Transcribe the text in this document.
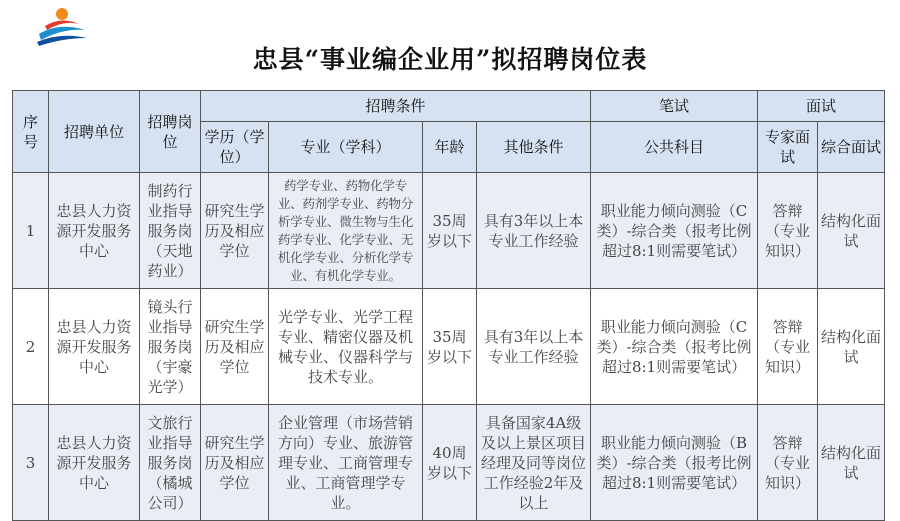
忠县“事业编企业用”拟招聘岗位表
序号	招聘单位	招聘岗位	招聘条件				笔试	面试	
			学历（学位）	专业（学科）	年龄	其他条件	公共科目	专家面试	综合面试
1	忠县人力资源开发服务中心	制药行业指导服务岗（天地药业）	研究生学历及相应学位	药学专业、药物化学专业、药剂学专业、药物分析学专业、微生物与生化药学专业、化学专业、无机化学专业、分析化学专业、有机化学专业。	35周岁以下	具有3年以上本专业工作经验	职业能力倾向测验（C类）-综合类（报考比例超过8:1则需要笔试）	答辩（专业知识）	结构化面试
2	忠县人力资源开发服务中心	镜头行业指导服务岗（宇豪光学）	研究生学历及相应学位	光学专业、光学工程专业、精密仪器及机械专业、仪器科学与技术专业。	35周岁以下	具有3年以上本专业工作经验	职业能力倾向测验（C类）-综合类（报考比例超过8:1则需要笔试）	答辩（专业知识）	结构化面试
3	忠县人力资源开发服务中心	文旅行业指导服务岗（橘城公司）	研究生学历及相应学位	企业管理（市场营销方向）专业、旅游管理专业、工商管理专业、工商管理学专业。	40周岁以下	具备国家4A级及以上景区项目经理及同等岗位工作经验2年及以上	职业能力倾向测验（B类）-综合类（报考比例超过8:1则需要笔试）	答辩（专业知识）	结构化面试
